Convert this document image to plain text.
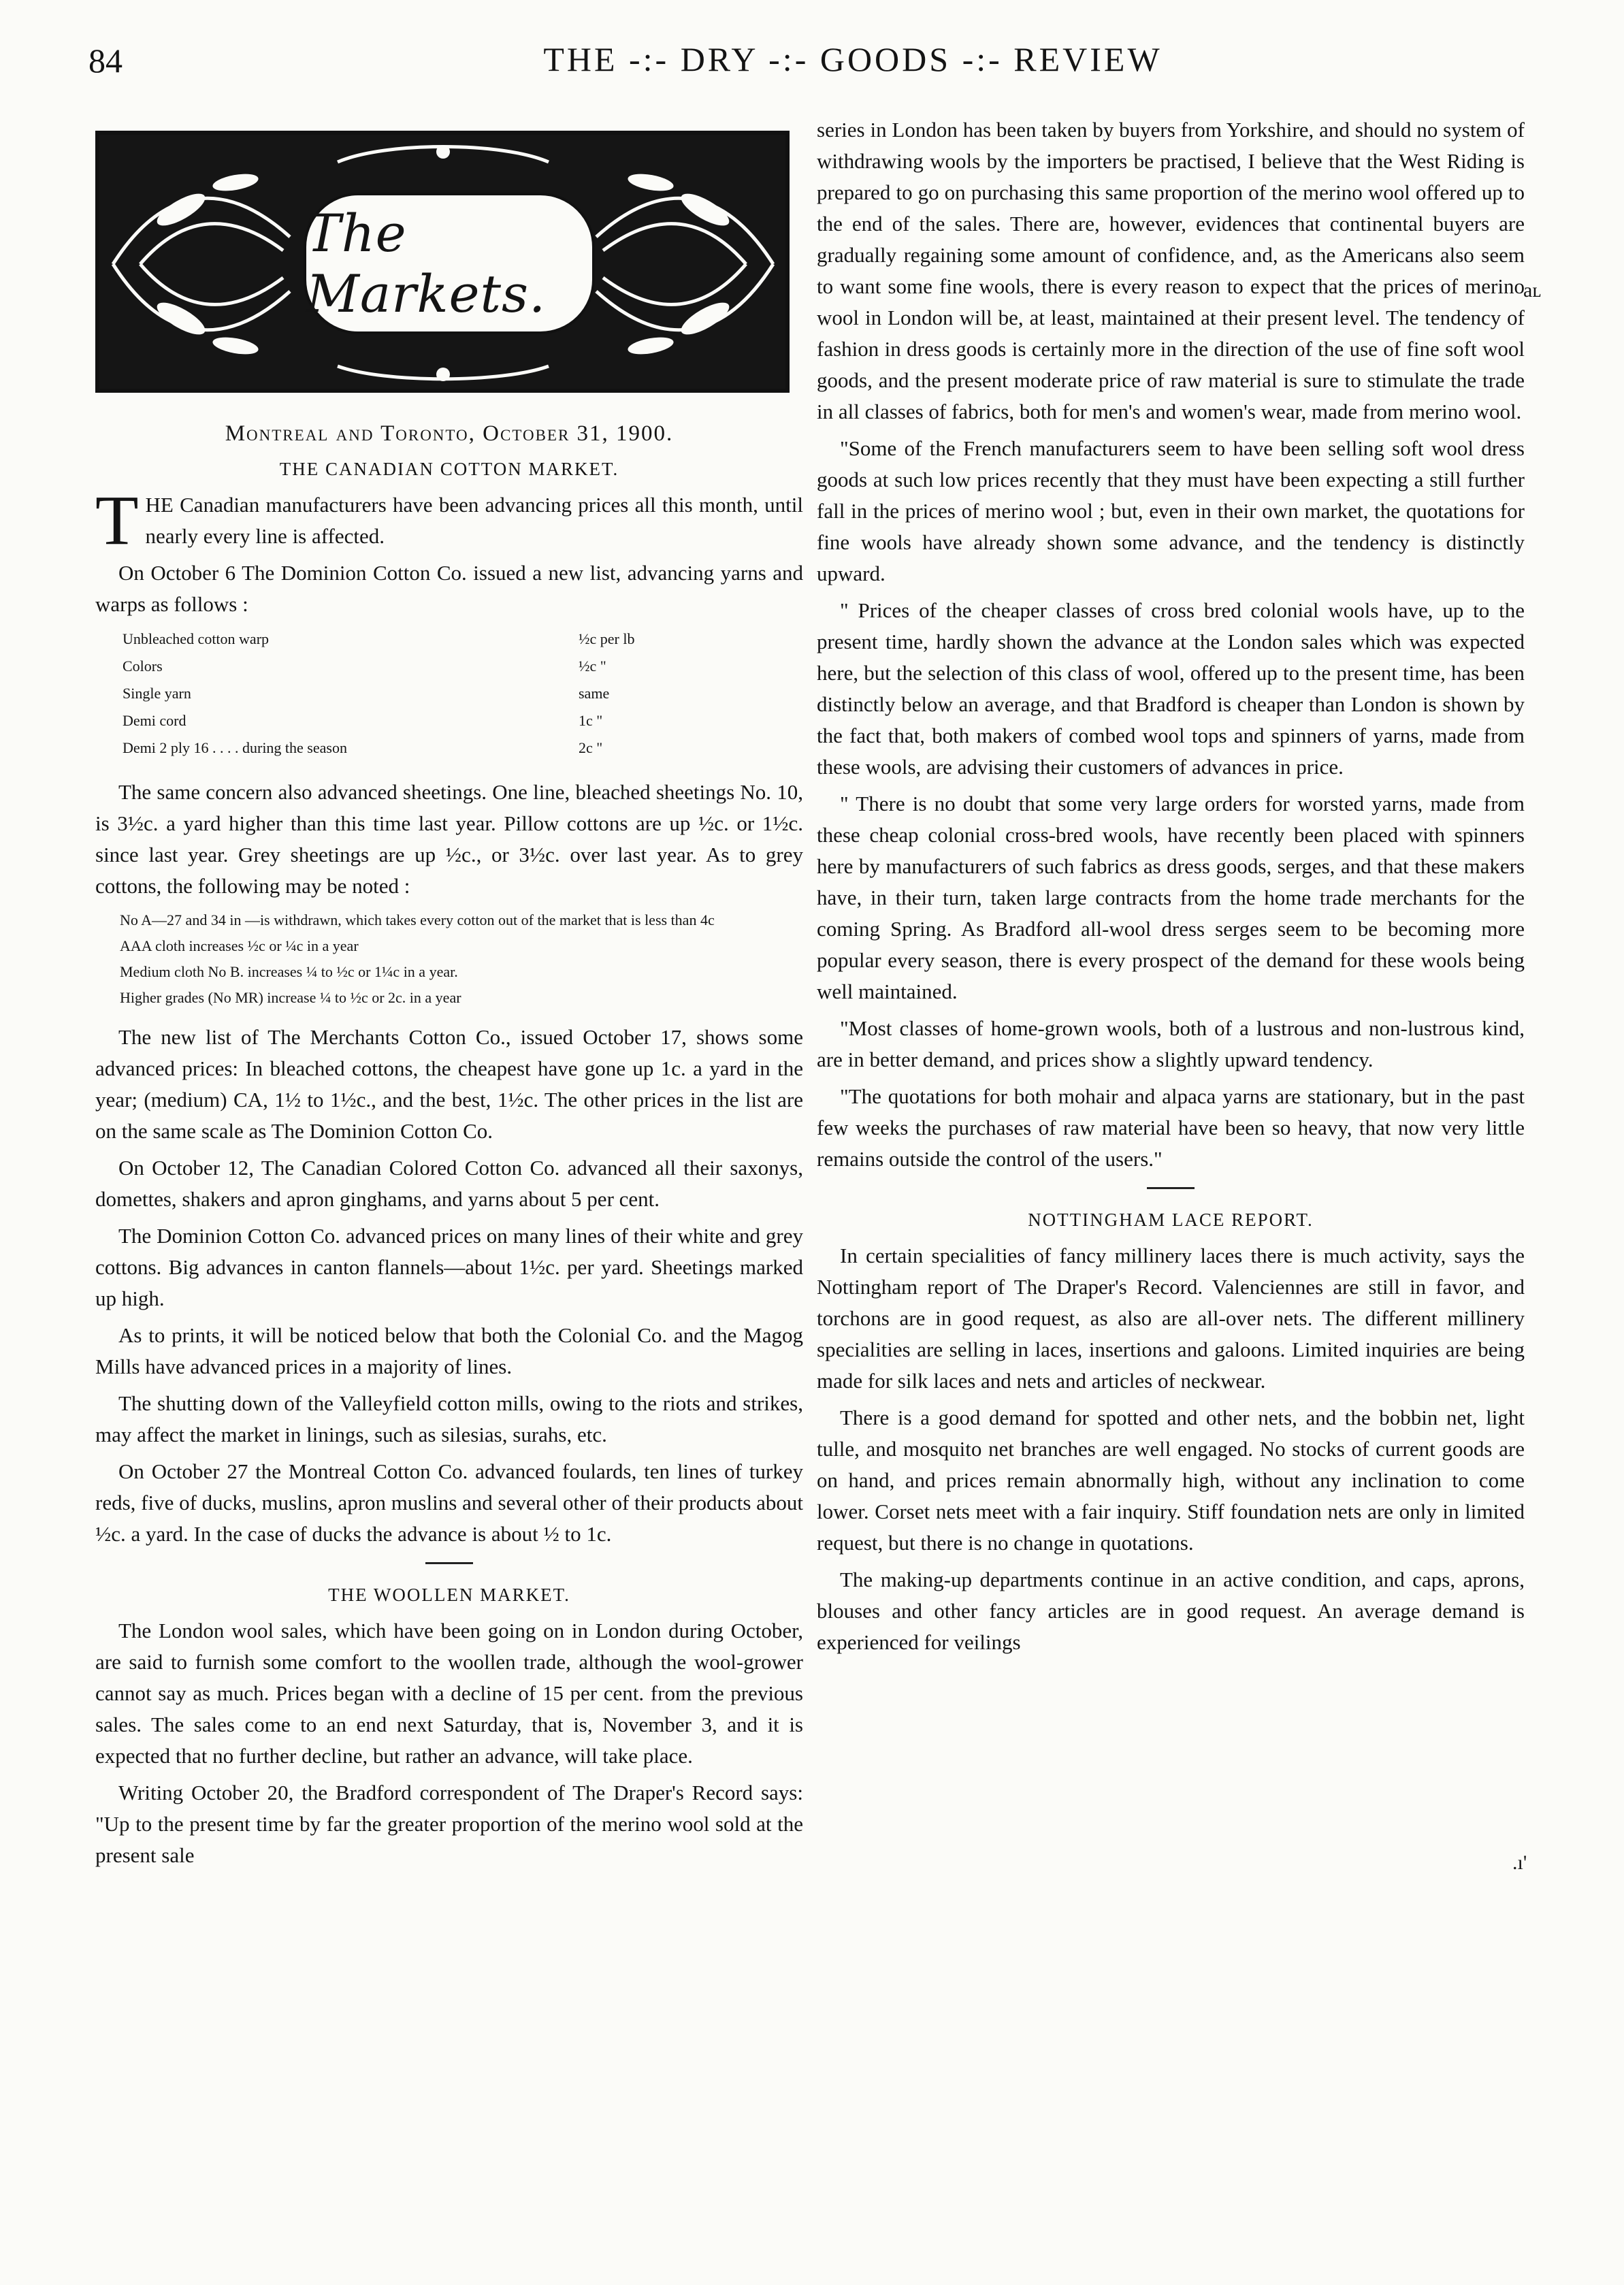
84	THE -:- DRY -:- GOODS -:- REVIEW
The Markets.
Montreal and Toronto, October 31, 1900.
THE CANADIAN COTTON MARKET.

THE Canadian manufacturers have been advancing prices all this month, until nearly every line is affected.

On October 6 The Dominion Cotton Co. issued a new list, advancing yarns and warps as follows :

Unbleached cotton warp	½c per lb
Colors	½c "
Single yarn	same
Demi cord	1c "
Demi 2 ply 16 . . . . during the season	2c "

The same concern also advanced sheetings. One line, bleached sheetings No. 10, is 3½c. a yard higher than this time last year. Pillow cottons are up ½c. or 1½c. since last year. Grey sheetings are up ½c., or 3½c. over last year. As to grey cottons, the following may be noted :

No A—27 and 34 in —is withdrawn, which takes every cotton out of the market that is less than 4c
AAA cloth increases ½c or ¼c in a year
Medium cloth No B. increases ¼ to ½c or 1¼c in a year.
Higher grades (No MR) increase ¼ to ½c or 2c. in a year

The new list of The Merchants Cotton Co., issued October 17, shows some advanced prices: In bleached cottons, the cheapest have gone up 1c. a yard in the year; (medium) CA, 1½ to 1½c., and the best, 1½c. The other prices in the list are on the same scale as The Dominion Cotton Co.

On October 12, The Canadian Colored Cotton Co. advanced all their saxonys, domettes, shakers and apron ginghams, and yarns about 5 per cent.

The Dominion Cotton Co. advanced prices on many lines of their white and grey cottons. Big advances in canton flannels—about 1½c. per yard. Sheetings marked up high.

As to prints, it will be noticed below that both the Colonial Co. and the Magog Mills have advanced prices in a majority of lines.

The shutting down of the Valleyfield cotton mills, owing to the riots and strikes, may affect the market in linings, such as silesias, surahs, etc.

On October 27 the Montreal Cotton Co. advanced foulards, ten lines of turkey reds, five of ducks, muslins, apron muslins and several other of their products about ½c. a yard. In the case of ducks the advance is about ½ to 1c.

THE WOOLLEN MARKET.

The London wool sales, which have been going on in London during October, are said to furnish some comfort to the woollen trade, although the wool-grower cannot say as much. Prices began with a decline of 15 per cent. from the previous sales. The sales come to an end next Saturday, that is, November 3, and it is expected that no further decline, but rather an advance, will take place.

Writing October 20, the Bradford correspondent of The Draper's Record says: "Up to the present time by far the greater proportion of the merino wool sold at the present sale

series in London has been taken by buyers from Yorkshire, and should no system of withdrawing wools by the importers be practised, I believe that the West Riding is prepared to go on purchasing this same proportion of the merino wool offered up to the end of the sales. There are, however, evidences that continental buyers are gradually regaining some amount of confidence, and, as the Americans also seem to want some fine wools, there is every reason to expect that the prices of merino wool in London will be, at least, maintained at their present level. The tendency of fashion in dress goods is certainly more in the direction of the use of fine soft wool goods, and the present moderate price of raw material is sure to stimulate the trade in all classes of fabrics, both for men's and women's wear, made from merino wool.

"Some of the French manufacturers seem to have been selling soft wool dress goods at such low prices recently that they must have been expecting a still further fall in the prices of merino wool ; but, even in their own market, the quotations for fine wools have already shown some advance, and the tendency is distinctly upward.

" Prices of the cheaper classes of cross bred colonial wools have, up to the present time, hardly shown the advance at the London sales which was expected here, but the selection of this class of wool, offered up to the present time, has been distinctly below an average, and that Bradford is cheaper than London is shown by the fact that, both makers of combed wool tops and spinners of yarns, made from these wools, are advising their customers of advances in price.

" There is no doubt that some very large orders for worsted yarns, made from these cheap colonial cross-bred wools, have recently been placed with spinners here by manufacturers of such fabrics as dress goods, serges, and that these makers have, in their turn, taken large contracts from the home trade merchants for the coming Spring. As Bradford all-wool dress serges seem to be becoming more popular every season, there is every prospect of the demand for these wools being well maintained.

"Most classes of home-grown wools, both of a lustrous and non-lustrous kind, are in better demand, and prices show a slightly upward tendency.

"The quotations for both mohair and alpaca yarns are stationary, but in the past few weeks the purchases of raw material have been so heavy, that now very little remains outside the control of the users."

NOTTINGHAM LACE REPORT.

In certain specialities of fancy millinery laces there is much activity, says the Nottingham report of The Draper's Record. Valenciennes are still in favor, and torchons are in good request, as also are all-over nets. The different millinery specialities are selling in laces, insertions and galoons. Limited inquiries are being made for silk laces and nets and articles of neckwear.

There is a good demand for spotted and other nets, and the bobbin net, light tulle, and mosquito net branches are well engaged. No stocks of current goods are on hand, and prices remain abnormally high, without any inclination to come lower. Corset nets meet with a fair inquiry. Stiff foundation nets are only in limited request, but there is no change in quotations.

The making-up departments continue in an active condition, and caps, aprons, blouses and other fancy articles are in good request. An average demand is experienced for veilings

aʟ
.ı'
